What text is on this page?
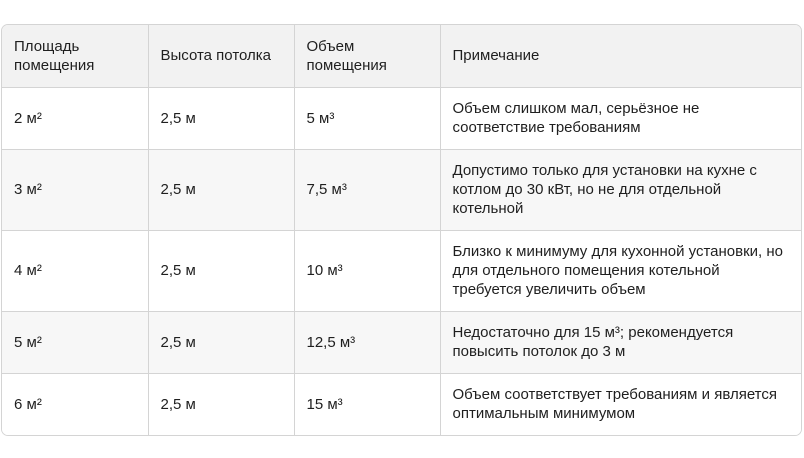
Площадь помещения	Высота потолка	Объем помещения	Примечание
2 м²	2,5 м	5 м³	Объем слишком мал, серьёзное не соответствие требованиям
3 м²	2,5 м	7,5 м³	Допустимо только для установки на кухне с котлом до 30 кВт, но не для отдельной котельной
4 м²	2,5 м	10 м³	Близко к минимуму для кухонной установки, но для отдельного помещения котельной требуется увеличить объем
5 м²	2,5 м	12,5 м³	Недостаточно для 15 м³; рекомендуется повысить потолок до 3 м
6 м²	2,5 м	15 м³	Объем соответствует требованиям и является оптимальным минимумом
